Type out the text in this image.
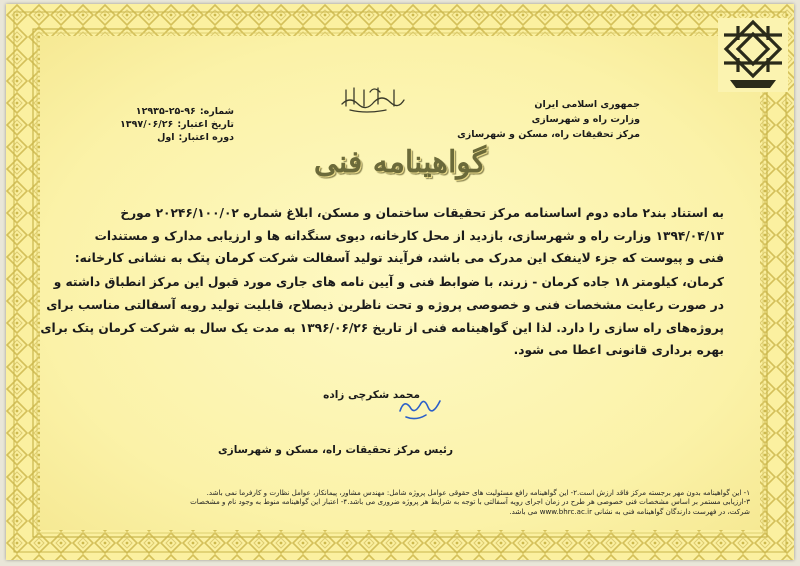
جمهوری اسلامی ایران
وزارت راه و شهرسازی
مرکز تحقیقات راه، مسکن و شهرسازی
شماره:
۱۲۹۳۵-۲۵-۹۶
تاریخ اعتبار:
۱۳۹۷/۰۶/۲۶
دوره اعتبار:
اول
گواهینامه فنی

به استناد بند۲ ماده دوم اساسنامه مرکز تحقیقات ساختمان و مسکن، ابلاغ شماره ۲۰۲۴۶/۱۰۰/۰۲ مورخ

۱۳۹۴/۰۴/۱۳ وزارت راه و شهرسازی، بازدید از محل کارخانه، دیوی سنگدانه ها و ارزیابی مدارک و مستندات

فنی و پیوست که جزء لاینفک این مدرک می باشد، فرآیند تولید آسفالت شرکت کرمان پتک به نشانی کارخانه:

کرمان، کیلومتر ۱۸ جاده کرمان - زرند، با ضوابط فنی و آیین نامه های جاری مورد قبول این مرکز انطباق داشته و

در صورت رعایت مشخصات فنی و خصوصی پروژه و تحت ناظرین ذیصلاح، قابلیت تولید رویه آسفالتی مناسب برای

پروژه‌های راه سازی را دارد. لذا این گواهینامه فنی از تاریخ ۱۳۹۶/۰۶/۲۶ به مدت یک سال به شرکت کرمان پتک برای

بهره برداری قانونی اعطا می شود.

محمد شکرچی زاده
رئیس مرکز تحقیقات راه، مسکن و شهرسازی
۱- این گواهینامه بدون مهر برجسته مرکز فاقد ارزش است.۲- این گواهینامه رافع مسئولیت های حقوقی عوامل پروژه شامل: مهندس مشاور، پیمانکار، عوامل نظارت و کارفرما نمی باشد.
۳-ارزیابی مستمر بر اساس مشخصات فنی خصوصی هر طرح در زمان اجرای رویه آسفالتی با توجه به شرایط هر پروژه ضروری می باشد.۴- اعتبار این گواهینامه منوط به وجود نام و مشخصات
شرکت، در فهرست دارندگان گواهینامه فنی به نشانی www.bhrc.ac.ir می باشد.
